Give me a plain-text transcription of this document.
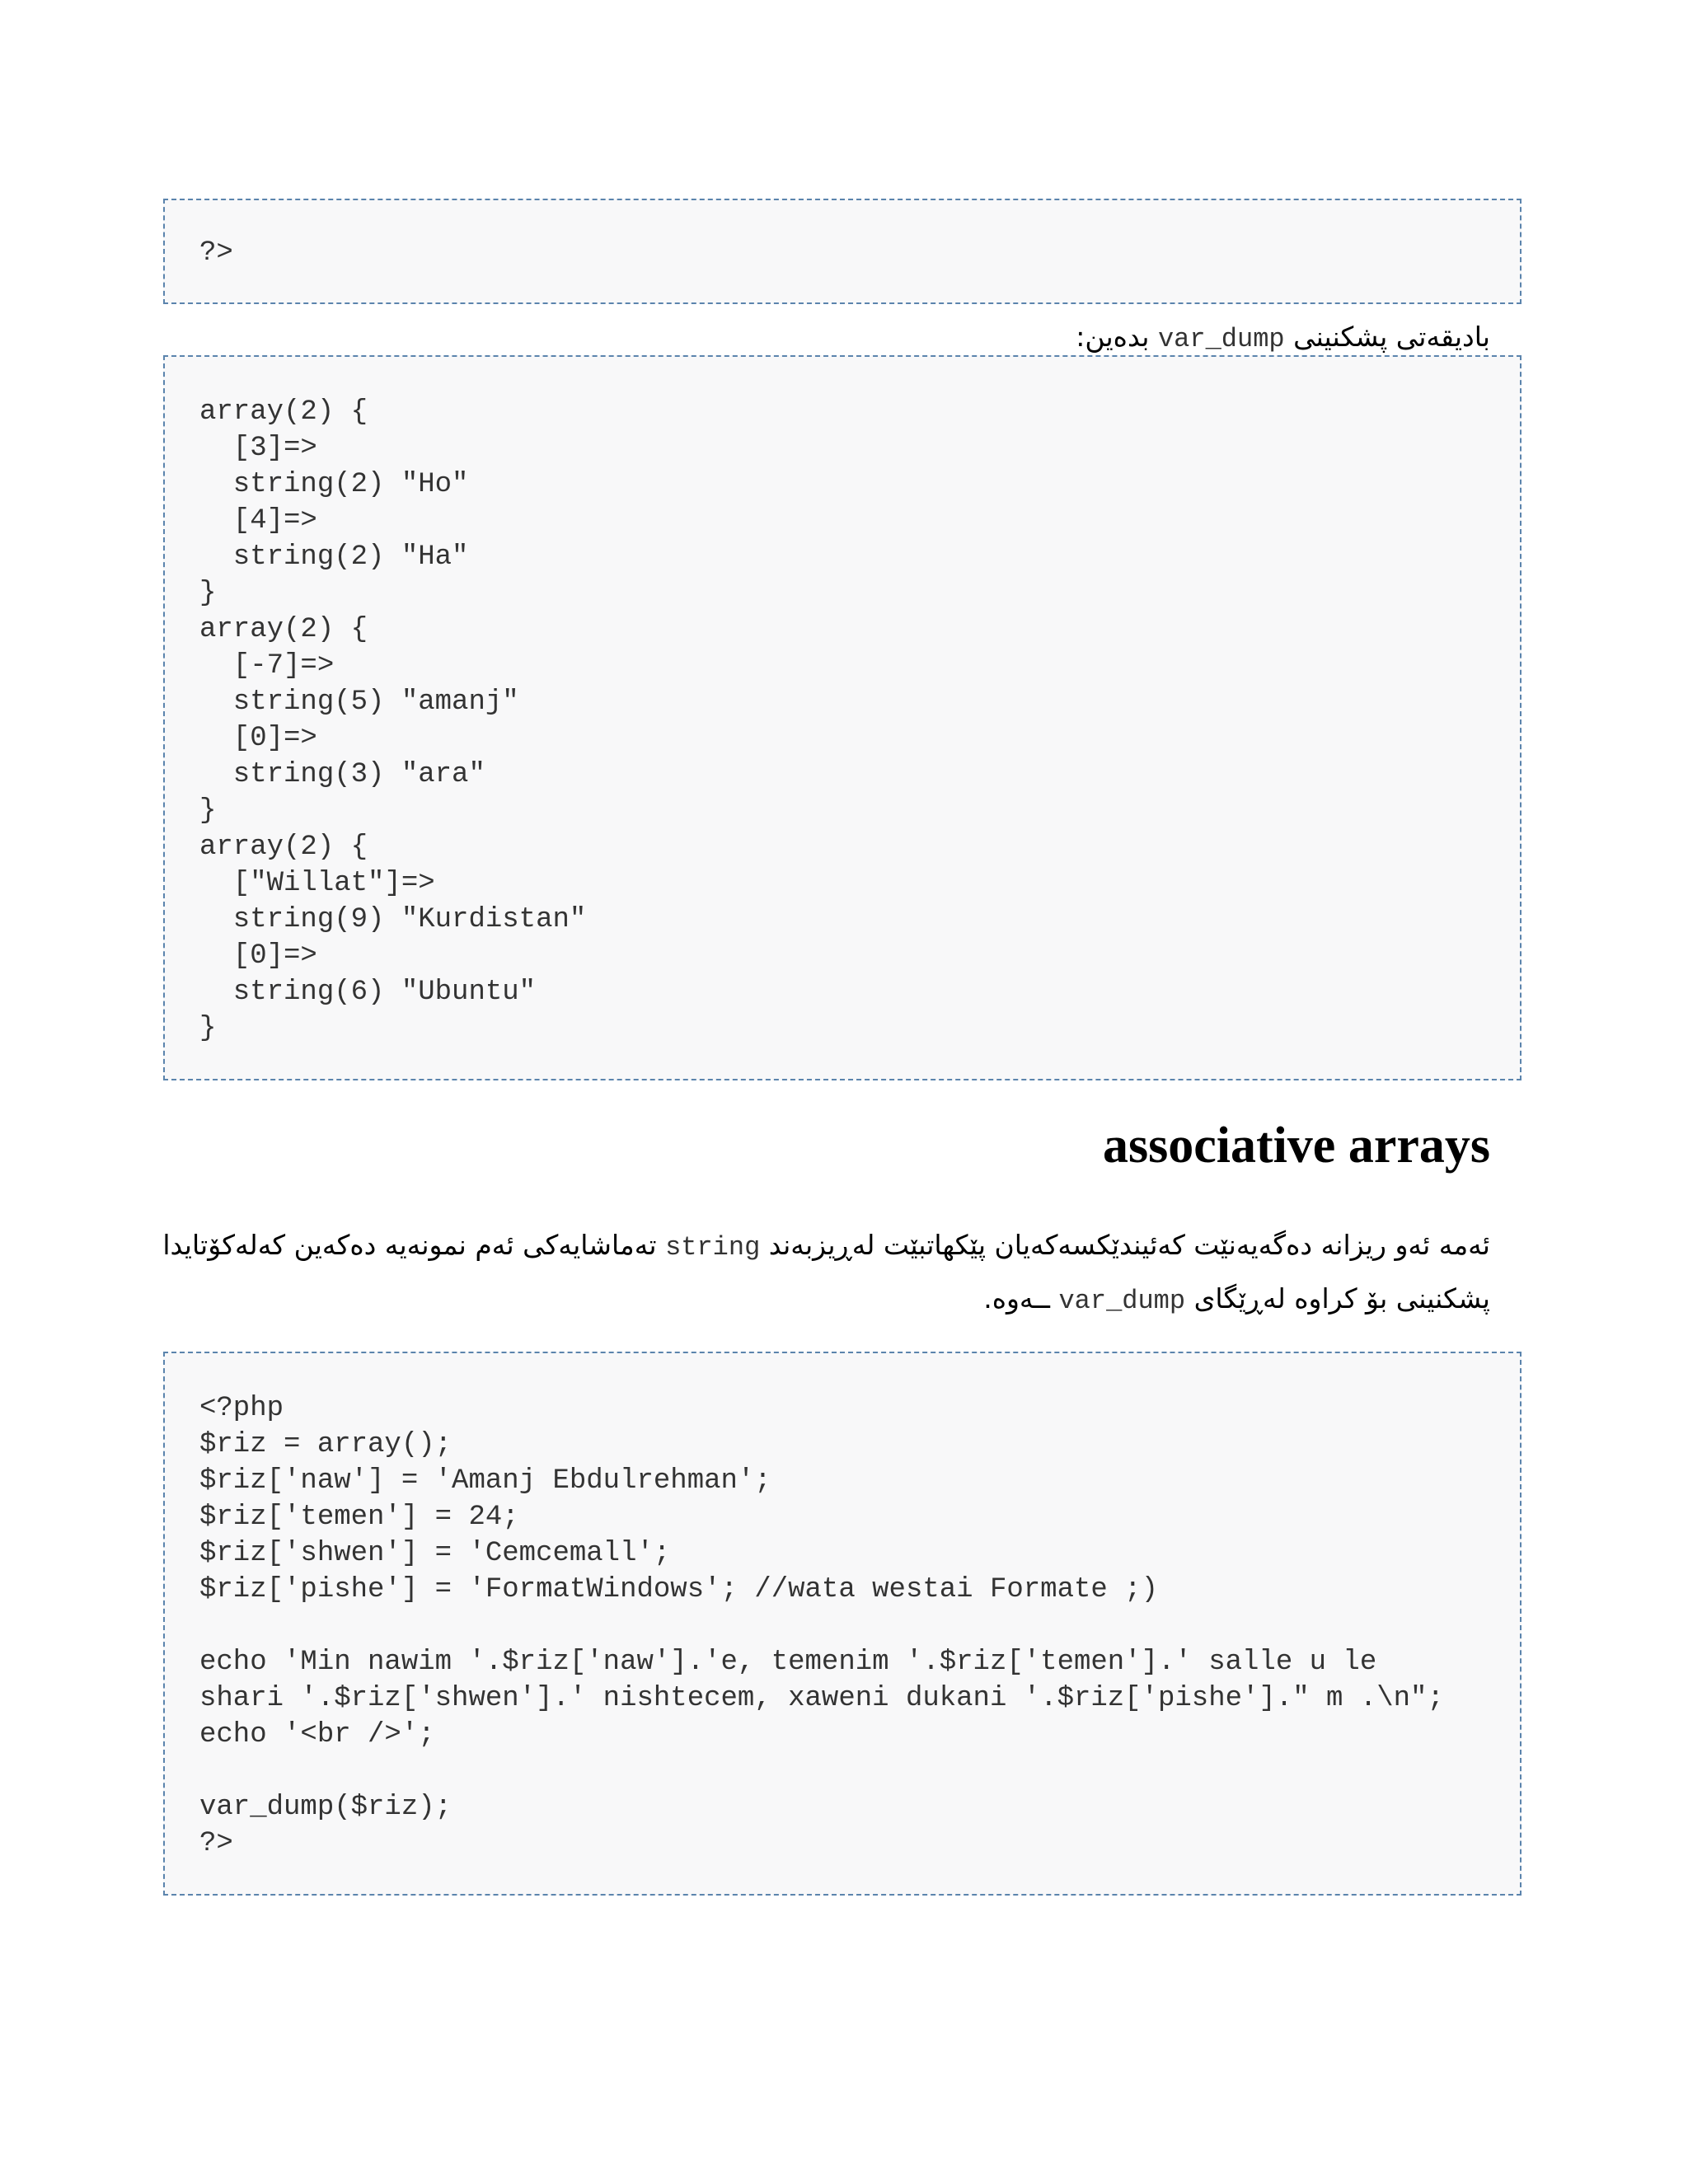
?>
بادیقەتی پشکنینی var_dump بدەین:
array(2) {
[3]=>
string(2) "Ho"
[4]=>
string(2) "Ha"
}
array(2) {
[-7]=>
string(5) "amanj"
[0]=>
string(3) "ara"
}
array(2) {
["Willat"]=>
string(9) "Kurdistan"
[0]=>
string(6) "Ubuntu"
}
associative arrays
ئەمە ئەو ریزانە دەگەیەنێت کەئیندێکسەکەیان پێکهاتبێت لەڕیزبەند string تەماشایەکی ئەم نمونەیە دەکەین کەلەکۆتایدا
پشکنینی بۆ کراوە لەڕێگای var_dump ــەوە.
<?php
$riz = array();
$riz['naw'] = 'Amanj Ebdulrehman';
$riz['temen'] = 24;
$riz['shwen'] = 'Cemcemall';
$riz['pishe'] = 'FormatWindows'; //wata westai Formate ;)

echo 'Min nawim '.$riz['naw'].'e, temenim '.$riz['temen'].' salle u le
shari '.$riz['shwen'].' nishtecem, xaweni dukani '.$riz['pishe']." m .\n";
echo '<br />';

var_dump($riz);
?>
